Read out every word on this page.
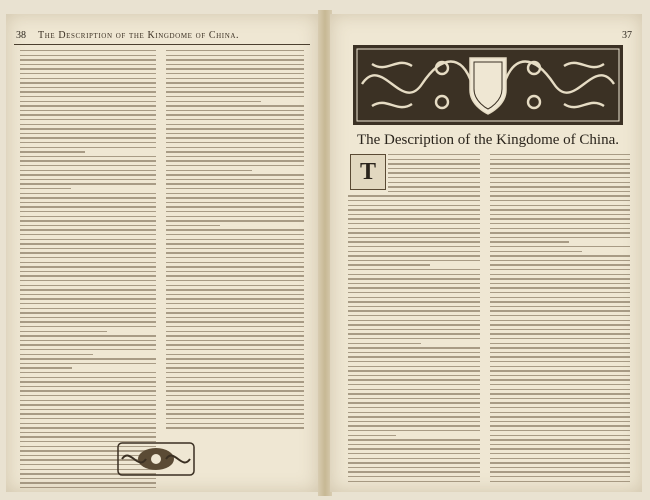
38 The Description of the Kingdome of China.	37
The Description of the Kingdome of China.
T
